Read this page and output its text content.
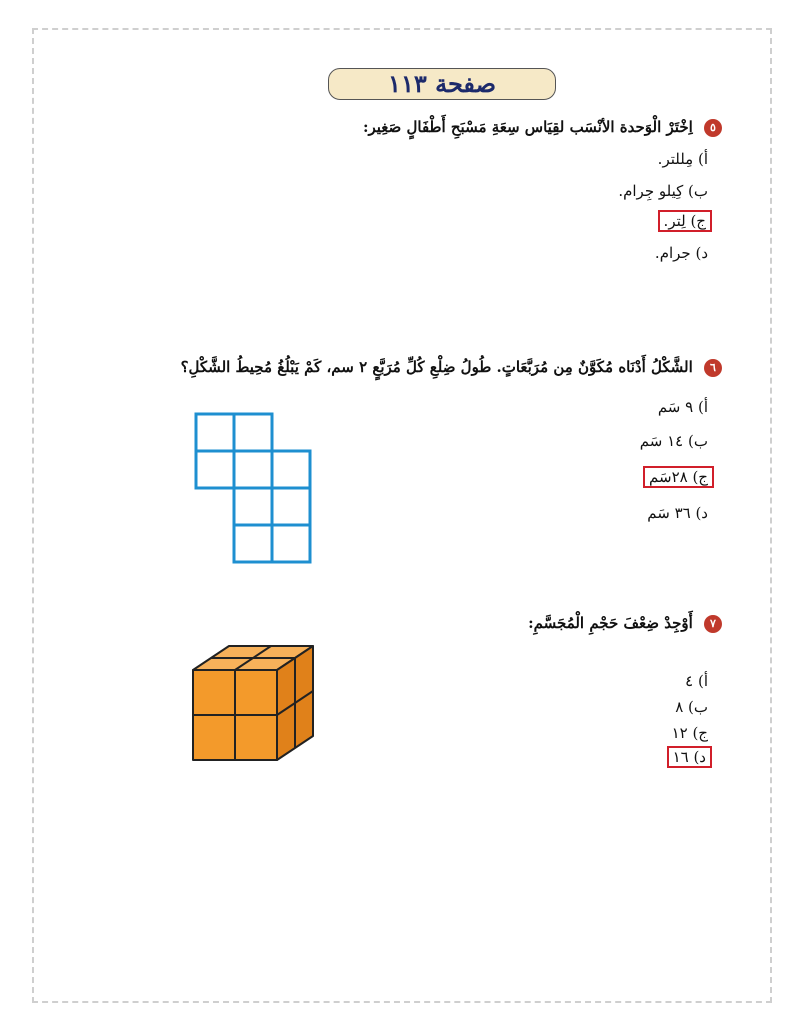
صفحة ١١٣
٥ اِخْتَرْ الْوَحدة الأنْسَب لقِيَاس سِعَةِ مَسْبَحِ أَطْفَالٍ صَغِير:
أ) مِللتر.
ب) كِيلو جِرام.
ج) لِتر.
د) جرام.
٦ الشَّكْلُ أَدْنَاه مُكَوَّنٌ مِن مُرَبَّعَاتٍ. طُولُ ضِلْعِ كُلِّ مُرَبَّعٍ ٢ سم، كَمْ يَبْلُغُ مُحِيطُ الشَّكْلِ؟
أ) ٩ سَم
ب) ١٤ سَم
ج) ٢٨سَم
د) ٣٦ سَم
٧ أَوْجِدْ ضِعْفَ حَجْمِ الْمُجَسَّمِ:
أ) ٤
ب) ٨
ج) ١٢
د) ١٦
